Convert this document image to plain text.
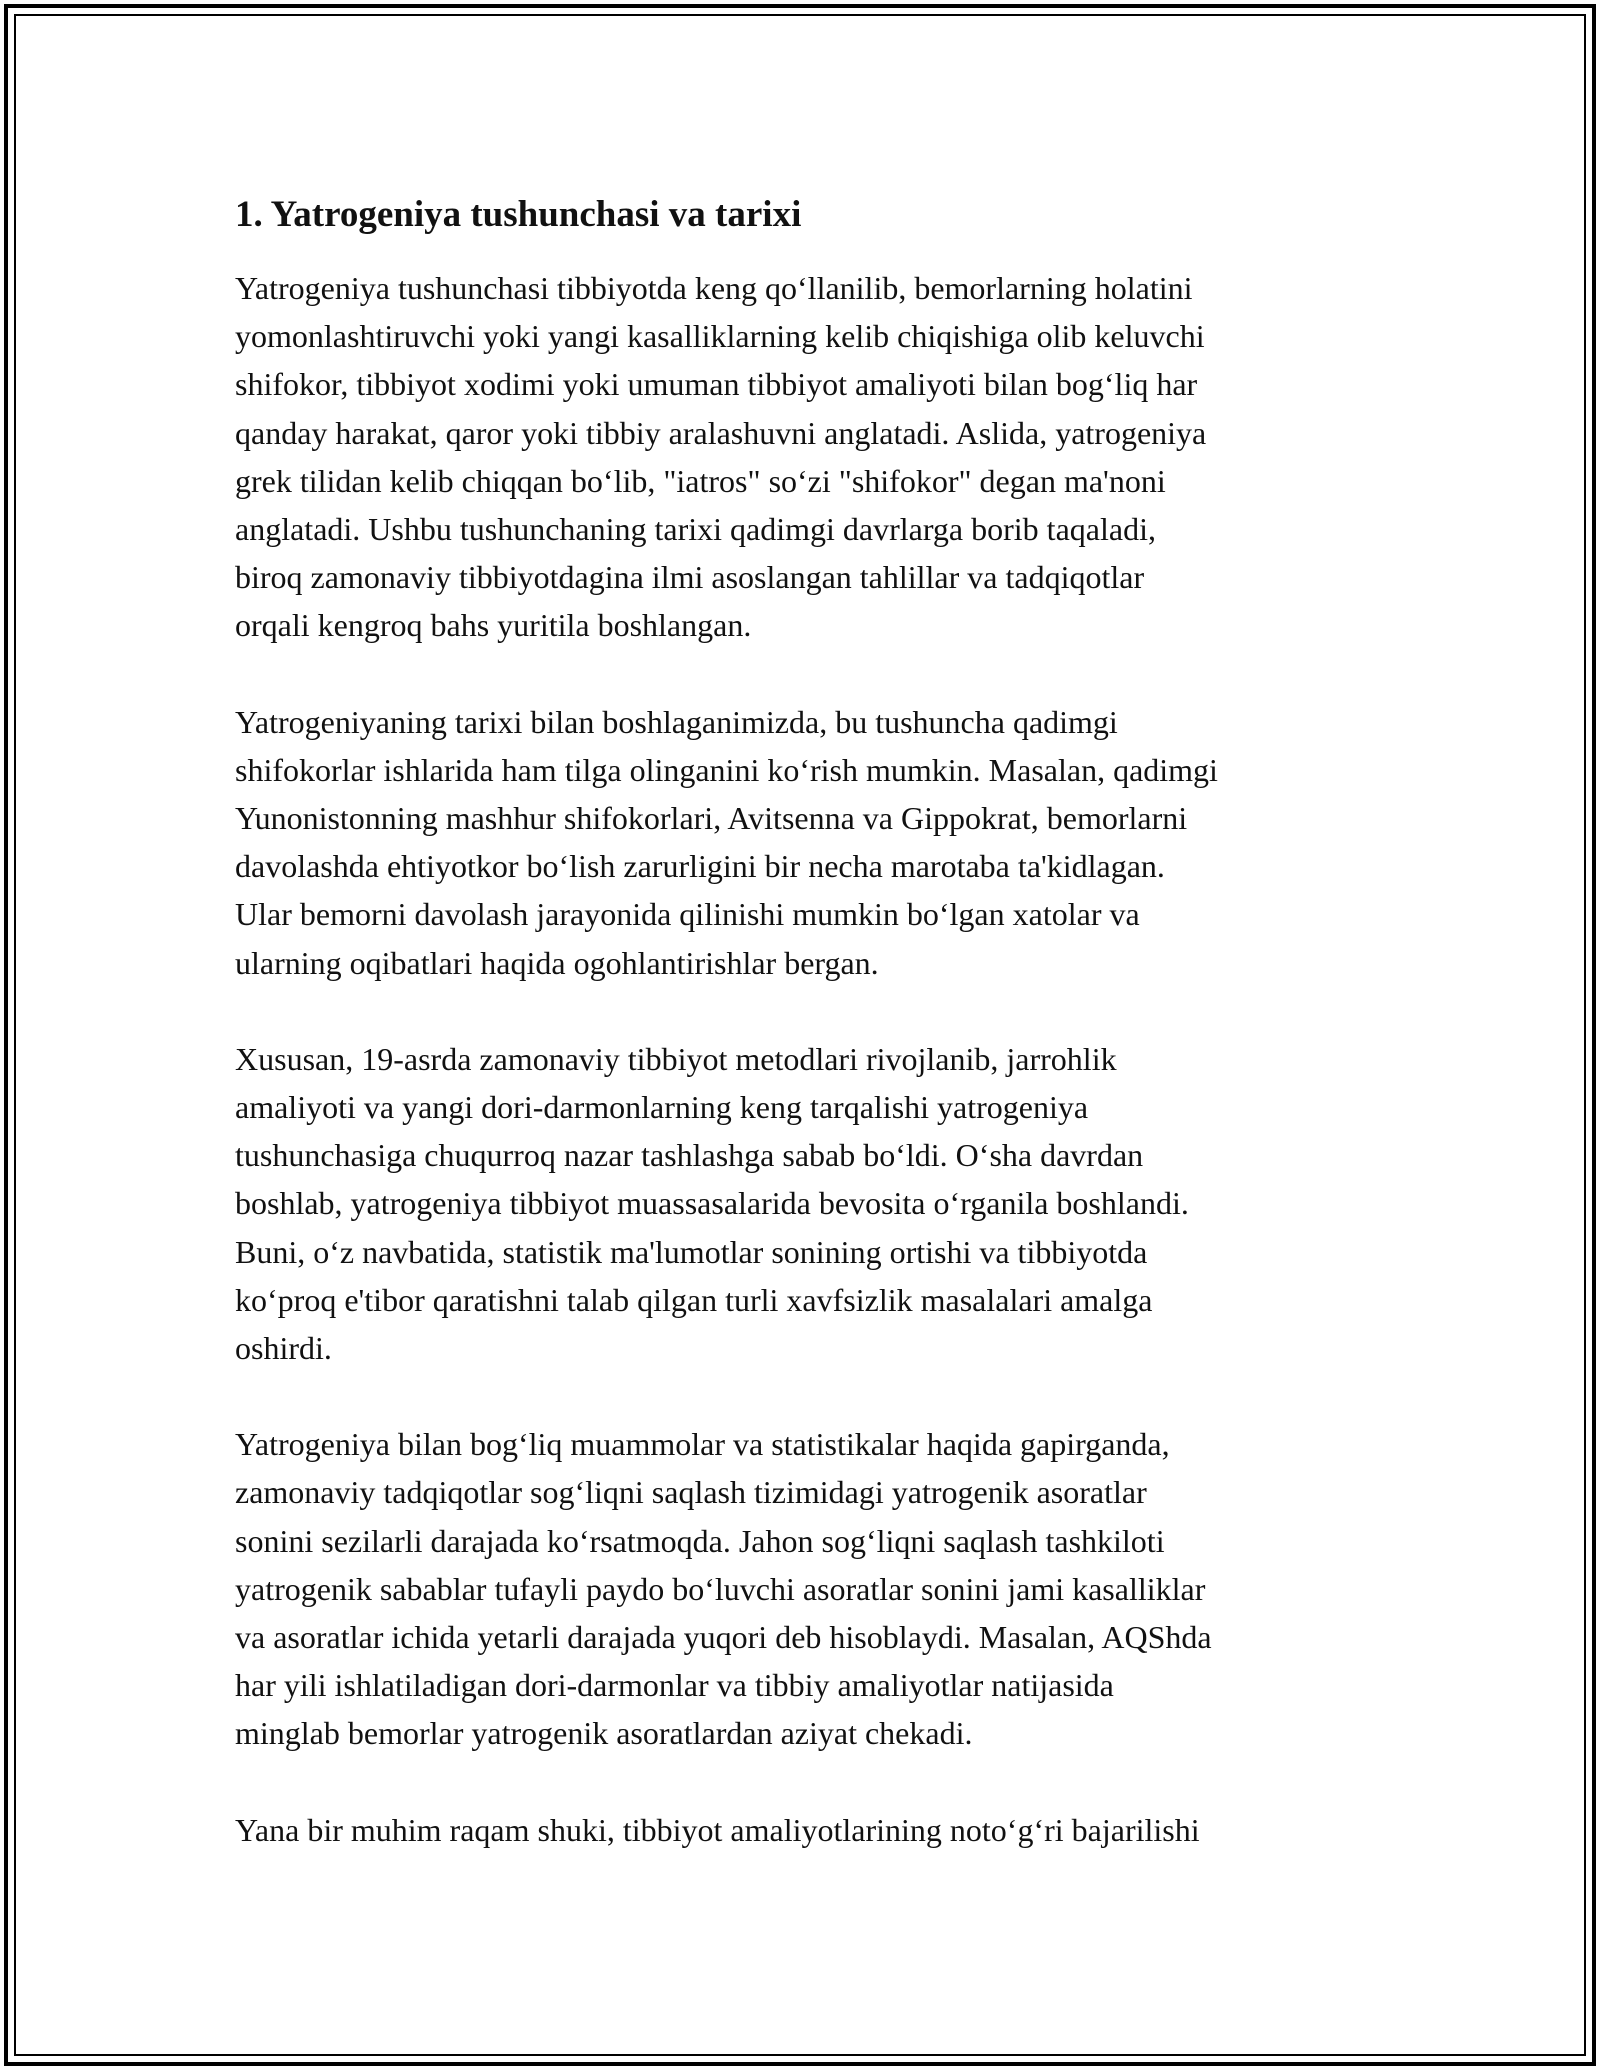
1. Yatrogeniya tushunchasi va tarixi

Yatrogeniya tushunchasi tibbiyotda keng qo‘llanilib, bemorlarning holatini
yomonlashtiruvchi yoki yangi kasalliklarning kelib chiqishiga olib keluvchi
shifokor, tibbiyot xodimi yoki umuman tibbiyot amaliyoti bilan bog‘liq har
qanday harakat, qaror yoki tibbiy aralashuvni anglatadi. Aslida, yatrogeniya
grek tilidan kelib chiqqan bo‘lib, "iatros" so‘zi "shifokor" degan ma'noni
anglatadi. Ushbu tushunchaning tarixi qadimgi davrlarga borib taqaladi,
biroq zamonaviy tibbiyotdagina ilmi asoslangan tahlillar va tadqiqotlar
orqali kengroq bahs yuritila boshlangan.

Yatrogeniyaning tarixi bilan boshlaganimizda, bu tushuncha qadimgi
shifokorlar ishlarida ham tilga olinganini ko‘rish mumkin. Masalan, qadimgi
Yunonistonning mashhur shifokorlari, Avitsenna va Gippokrat, bemorlarni
davolashda ehtiyotkor bo‘lish zarurligini bir necha marotaba ta'kidlagan.
Ular bemorni davolash jarayonida qilinishi mumkin bo‘lgan xatolar va
ularning oqibatlari haqida ogohlantirishlar bergan.

Xususan, 19-asrda zamonaviy tibbiyot metodlari rivojlanib, jarrohlik
amaliyoti va yangi dori-darmonlarning keng tarqalishi yatrogeniya
tushunchasiga chuqurroq nazar tashlashga sabab bo‘ldi. O‘sha davrdan
boshlab, yatrogeniya tibbiyot muassasalarida bevosita o‘rganila boshlandi.
Buni, o‘z navbatida, statistik ma'lumotlar sonining ortishi va tibbiyotda
ko‘proq e'tibor qaratishni talab qilgan turli xavfsizlik masalalari amalga
oshirdi.

Yatrogeniya bilan bog‘liq muammolar va statistikalar haqida gapirganda,
zamonaviy tadqiqotlar sog‘liqni saqlash tizimidagi yatrogenik asoratlar
sonini sezilarli darajada ko‘rsatmoqda. Jahon sog‘liqni saqlash tashkiloti
yatrogenik sabablar tufayli paydo bo‘luvchi asoratlar sonini jami kasalliklar
va asoratlar ichida yetarli darajada yuqori deb hisoblaydi. Masalan, AQShda
har yili ishlatiladigan dori-darmonlar va tibbiy amaliyotlar natijasida
minglab bemorlar yatrogenik asoratlardan aziyat chekadi.

Yana bir muhim raqam shuki, tibbiyot amaliyotlarining noto‘g‘ri bajarilishi
